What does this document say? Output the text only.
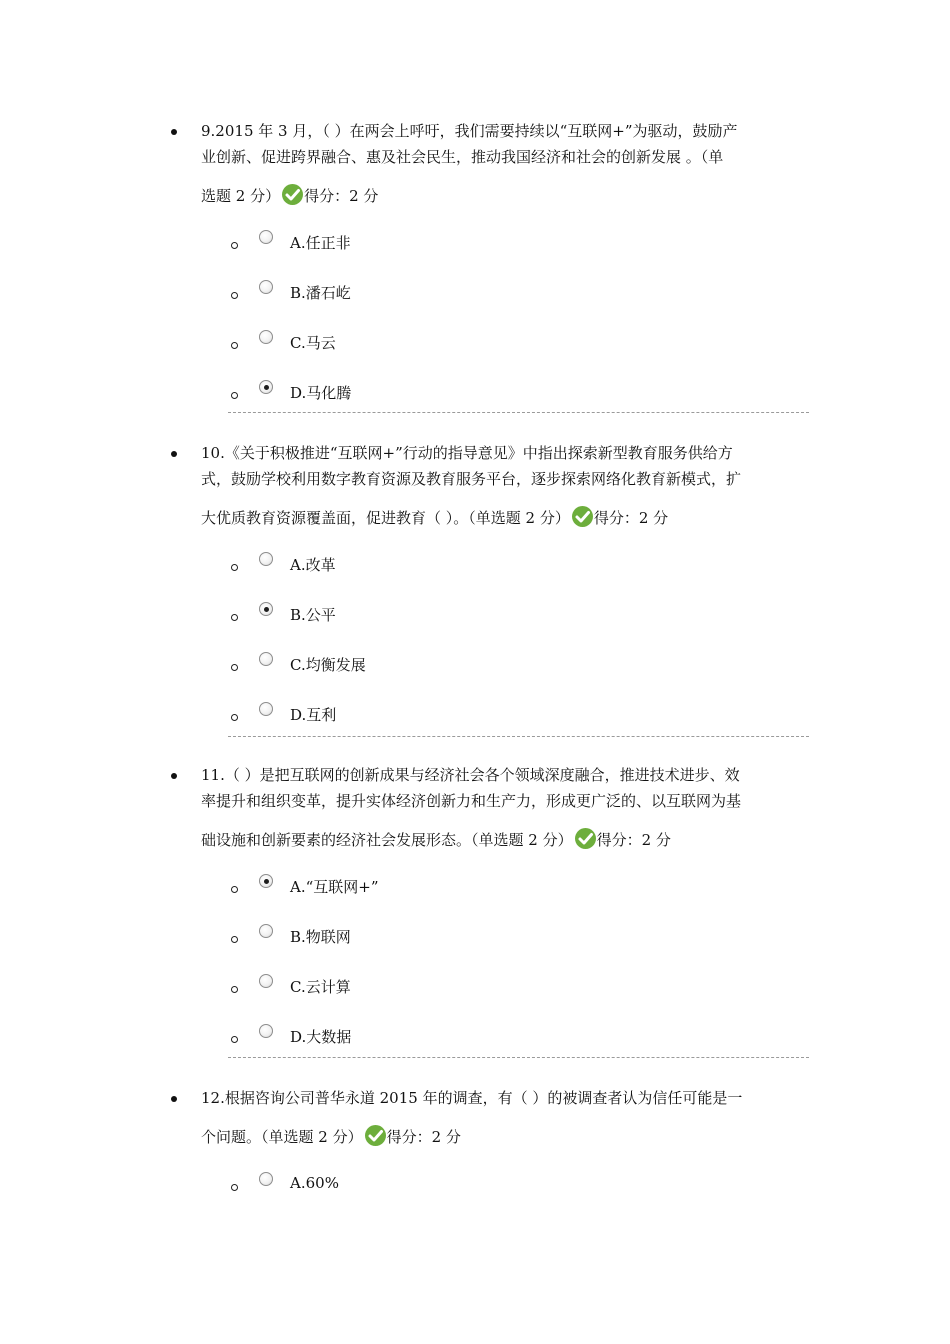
9.2015 年 3 月，（ ）在两会上呼吁，我们需要持续以“互联网+”为驱动，鼓励产
业创新、促进跨界融合、惠及社会民生，推动我国经济和社会的创新发展 。（单
选题 2 分） 得分：2 分

A.任正非
B.潘石屹
C.马云
D.马化腾

10.《关于积极推进“互联网+”行动的指导意见》中指出探索新型教育服务供给方
式，鼓励学校利用数字教育资源及教育服务平台，逐步探索网络化教育新模式，扩
大优质教育资源覆盖面，促进教育（ ）。（单选题 2 分） 得分：2 分

A.改革
B.公平
C.均衡发展
D.互利

11.（ ）是把互联网的创新成果与经济社会各个领域深度融合，推进技术进步、效
率提升和组织变革，提升实体经济创新力和生产力，形成更广泛的、以互联网为基
础设施和创新要素的经济社会发展形态。（单选题 2 分） 得分：2 分

A.“互联网+”
B.物联网
C.云计算
D.大数据

12.根据咨询公司普华永道 2015 年的调查，有（ ）的被调查者认为信任可能是一
个问题。（单选题 2 分） 得分：2 分

A.60%
